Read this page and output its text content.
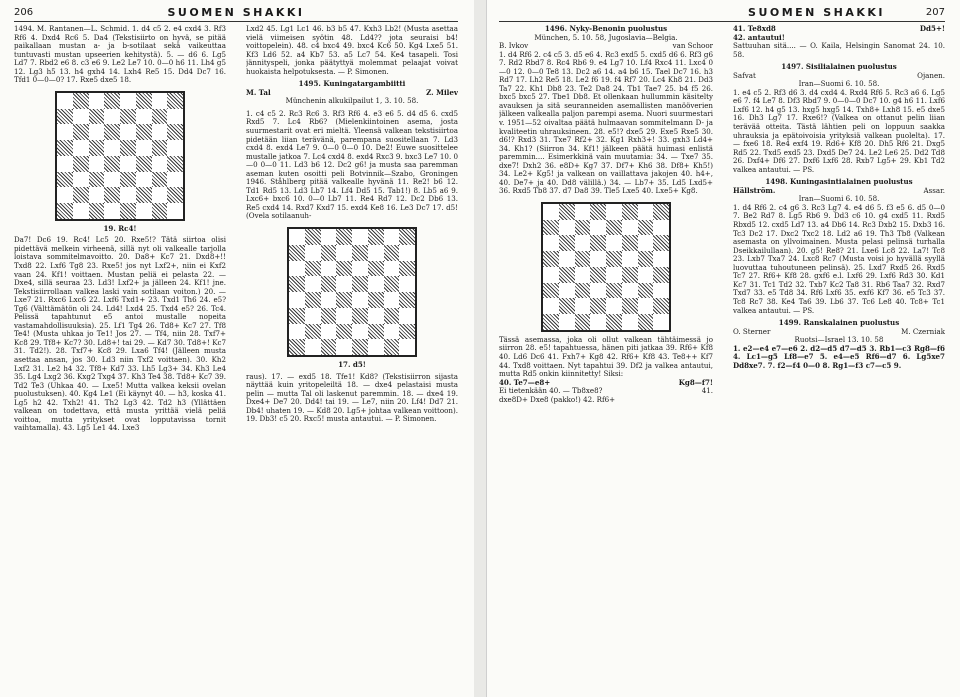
206	SUOMEN SHAKKI

1494. M. Rantanen—L. Schmid. 1. d4 c5 2. e4 cxd4 3. Rf3 Rf6 4. Dxd4 Rc6 5. Da4 (Tekstisiirto on hyvä, se pitää paikallaan mustan a- ja b-sotilaat sekä vaikeuttaa tuntuvasti mustan upseerien kehitystä). 5. — d6 6. Lg5 Ld7 7. Rbd2 e6 8. c3 e6 9. Le2 Le7 10. 0—0 h6 11. Lh4 g5 12. Lg3 h5 13. h4 gxh4 14. Lxh4 Re5 15. Dd4 Dc7 16. Tfd1 0—0—0? 17. Rxe5 dxe5 18.

19. Rc4!

Da7! Dc6 19. Rc4! Lc5 20. Rxe5!? Tätä siirtoa olisi pidettävä melkein virheenä, sillä nyt oli valkealle tarjolla loistava sommitelmavoitto. 20. Da8+ Kc7 21. Dxd8+!! Txd8 22. Lxf6 Tg8 23. Rxe5! jos nyt Lxf2+, niin ei Kxf2 vaan 24. Kf1! voittaen. Mustan peliä ei pelasta 22. — Dxe4, sillä seuraa 23. Ld3! Lxf2+ ja jälleen 24. Kf1! jne. Tekstisiirrollaan valkea laski vain sotilaan voiton.) 20. — Lxe7 21. Rxc6 Lxc6 22. Lxf6 Txd1+ 23. Txd1 Th6 24. e5? Tg6 (Välttämätön oli 24. Ld4! Lxd4 25. Txd4 e5? 26. Tc4. Pelissä tapahtunut e5 antoi mustalle nopeita vastamahdollisuuksia). 25. Lf1 Tg4 26. Td8+ Kc7 27. Tf8 Te4! (Musta uhkaa jo Te1! Jos 27. — Tf4, niin 28. Txf7+ Kc8 29. Tf8+ Kc7? 30. Ld8+! tai 29. — Kd7 30. Td8+! Kc7 31. Td2!). 28. Txf7+ Kc8 29. Lxa6 Tf4! (Jälleen musta asettaa ansan, jos 30. Ld3 niin Txf2 voittaen). 30. Kh2 Lxf2 31. Le2 h4 32. Tf8+ Kd7 33. Lh5 Lg3+ 34. Kh3 Le4 35. Lg4 Lxg2 36. Kxg2 Txg4 37. Kh3 Te4 38. Td8+ Kc7 39. Td2 Te3 (Uhkaa 40. — Lxe5! Mutta valkea keksii ovelan puolustuksen). 40. Kg4 Le1 (Ei käynyt 40. — h3, koska 41. Lg5 h2 42. Txh2! 41. Th2 Lg3 42. Td2 h3 (Yllättäen valkean on todettava, että musta yrittää vielä peliä voittoa, mutta yritykset ovat lopputavissa tornit vaihtamalla). 43. Lg5 Le1 44. Lxe3

Lxd2 45. Lg1 Lc1 46. b3 b5 47. Kxh3 Lb2! (Musta asettaa vielä viimeisen syötin 48. Ld4?? jota seuraisi b4! voittopelein). 48. c4 bxc4 49. bxc4 Kc6 50. Kg4 Lxe5 51. Kf3 Ld6 52. a4 Kb7 53. a5 Lc7 54. Ke4 tasapeli. Tosi jännityspeli, jonka päätyttyä molemmat pelaajat voivat huokaista helpotuksesta. — P. Simonen.

1495. Kuningatargambiitti

M. Tal	Z. Milev

Münchenin alkukilpailut 1, 3. 10. 58.

1. c4 c5 2. Rc3 Rc6 3. Rf3 Rf6 4. e3 e6 5. d4 d5 6. cxd5 Rxd5 7. Lc4 Rb6? (Mielenkiintoinen asema, josta suurmestarit ovat eri mieltä. Yleensä valkean tekstisiirtoa pidetään liian terävänä, parempana suositellaan 7. Ld3 cxd4 8. exd4 Le7 9. 0—0 0—0 10. De2! Euwe suosittelee mustalle jatkoa 7. Lc4 cxd4 8. exd4 Rxc3 9. bxc3 Le7 10. 0—0 0—0 11. Ld3 b6 12. Dc2 g6! ja musta saa paremman aseman kuten osoitti peli Botvinnik—Szabo, Groningen 1946. Ståhlberg pitää valkealle hyvänä 11. Re2! b6 12. Td1 Rd5 13. Ld3 Lb7 14. Lf4 Dd5 15. Tab1!) 8. Lb5 a6 9. Lxc6+ bxc6 10. 0—0 Lb7 11. Re4 Rd7 12. Dc2 Db6 13. Re5 cxd4 14. Rxd7 Kxd7 15. exd4 Ke8 16. Le3 Dc7 17. d5! (Ovela sotilaanuh-

17. d5!

raus). 17. — exd5 18. Tfe1! Kd8? (Tekstisiirron sijasta näyttää kuin yritopeleiltä 18. — dxe4 pelastaisi musta pelin — mutta Tal oli laskenut paremmin. 18. — dxe4 19. Dxe4+ De7 20. Dd4! tai 19. — Le7, niin 20. Lf4! Dd7 21. Db4! uhaten 19. — Kd8 20. Lg5+ johtaa valkean voittoon). 19. Db3! c5 20. Rxc5! musta antautui. — P. Simonen.

SUOMEN SHAKKI	207

1496. Nyky-Benonin puolustus

München, 5. 10. 58, Jugoslavia—Belgia.

B. Ivkov	van Schoor

1. d4 Rf6 2. c4 c5 3. d5 e6 4. Rc3 exd5 5. cxd5 d6 6. Rf3 g6 7. Rd2 Rbd7 8. Rc4 Rb6 9. e4 Lg7 10. Lf4 Rxc4 11. Lxc4 0—0 12. 0—0 Te8 13. Dc2 a6 14. a4 b6 15. Tael Dc7 16. h3 Rd7 17. Lh2 Re5 18. Le2 f6 19. f4 Rf7 20. Lc4 Kh8 21. Dd3 Ta7 22. Kh1 Db8 23. Te2 Da8 24. Tb1 Tae7 25. b4 f5 26. bxc5 bxc5 27. Tbe1 Db8. Et ollenkaan hullummin käsitelty avauksen ja sitä seuranneiden asemallisten manööverien jälkeen valkealla paljon parempi asema. Nuori suurmestari v. 1951—52 oivaltaa päätä hulmaavan sommitelmann D- ja kvaliteetin uhrauksineen. 28. e5!? dxe5 29. Exe5 Rxe5 30. d6!? Rxd3 31. Txe7 Rf2+ 32. Kg1 Rxh3+! 33. gxh3 Ld4+ 34. Kh1? (Siirron 34. Kf1! jälkeen päätä huimasi enlistä paremmin.... Esimerkkinä vain muutamia: 34. — Txe7 35. dxe7! Dxh2 36. e8D+ Kg7 37. Df7+ Kh6 38. Df8+ Kh5!) 34. Le2+ Kg5! ja valkean on vaillattava jakojen 40. h4+, 40. De7+ ja 40. Dd8 välillä.) 34. — Lb7+ 35. Ld5 Lxd5+ 36. Rxd5 Tb8 37. d7 Da8 39. Tle5 Lxe5 40. Lxe5+ Kg8.

Tässä asemassa, joka oli ollut valkean tähtäimessä jo siirron 28. e5! tapahtuessa, hänen piti jatkaa 39. Rf6+ Kf8 40. Ld6 Dc6 41. Fxh7+ Kg8 42. Rf6+ Kf8 43. Te8++ Kf7 44. Txd8 voittaen. Nyt tapahtui 39. Df2 ja valkea antautui, mutta Rd5 onkin kiinnitetty! Siksi:

40. Te7—e8+	Kg8—f7!
Ei tietenkään 40. — Tb8xe8?	41.

dxe8D+ Dxe8 (pakko!) 42. Rf6+

41. Te8xd8	Dd5+!

42. antautui!

Sattuuhan sitä.... — O. Kaila, Helsingin Sanomat 24. 10. 58.

1497. Sisilialainen puolustus

Safvat	Ojanen.

Iran—Suomi 6. 10. 58.

1. e4 c5 2. Rf3 d6 3. d4 cxd4 4. Rxd4 Rf6 5. Rc3 a6 6. Lg5 e6 7. f4 Le7 8. Df3 Rbd7 9. 0—0—0 Dc7 10. g4 h6 11. Lxf6 Lxf6 12. h4 g5 13. hxg5 hxg5 14. Txh8+ Lxh8 15. e5 dxe5 16. Dh3 Lg7 17. Rxe6!? (Valkea on ottanut pelin liian terävää otteita. Tästä lähtien peli on loppuun saakka uhrauksia ja epätoivoisia yrityksiä valkean puolelta). 17. — fxe6 18. Re4 exf4 19. Rd6+ Kf8 20. Dh5 Rf6 21. Dxg5 Rd5 22. Txd5 exd5 23. Dxd5 De7 24. Le2 Le6 25. Dd2 Td8 26. Dxf4+ Df6 27. Dxf6 Lxf6 28. Rxb7 Lg5+ 29. Kb1 Td2 valkea antautui. — PS.

1498. Kuningasintialainen puolustus

Hällström.	Assar.

Iran—Suomi 6. 10. 58.

1. d4 Rf6 2. c4 g6 3. Rc3 Lg7 4. e4 d6 5. f3 e5 6. d5 0—0 7. Be2 Rd7 8. Lg5 Rb6 9. Dd3 c6 10. g4 cxd5 11. Rxd5 Rbxd5 12. cxd5 Ld7 13. a4 Db6 14. Rc3 Dxb2 15. Dxb3 16. Tc3 Dc2 17. Dxc2 Txc2 18. Ld2 a6 19. Th3 Tb8 (Valkean asemasta on yllvoimainen. Musta pelasi pelinsä turhalla Dseikkailullaan). 20. g5! Re8? 21. Lxe6 Lc8 22. La7! Tc8 23. Lxb7 Txa7 24. Lxc8 Rc7 (Musta voisi jo hyvällä syyllä luovuttaa tuhoutuneen pelinsä). 25. Lxd7 Rxd5 26. Rxd5 Tc7 27. Rf6+ Kf8 28. gxf6 e.l. Lxf6 29. Lxf6 Rd3 30. Kd1 Kc7 31. Tc1 Td2 32. Txb7 Kc2 Ta8 31. Rb6 Taa7 32. Rxd7 Txd7 33. e5 Td8 34. Rf6 Lxf6 35. exf6 Kf7 36. e5 Tc3 37. Tc8 Rc7 38. Ke4 Ta6 39. Lb6 37. Tc6 Le8 40. Tc8+ Tc1 valkea antautui. — PS.

1499. Ranskalainen puolustus

O. Sterner	M. Czerniak

Ruotsi—Israel 13. 10. 58

1. e2—e4 e7—e6 2. d2—d5 d7—d5 3. Rb1—c3 Rg8—f6 4. Lc1—g5 Lf8—e7 5. e4—e5 Rf6—d7 6. Lg5xe7 Dd8xe7. 7. f2—f4 0—0 8. Rg1—f3 c7—c5 9.
